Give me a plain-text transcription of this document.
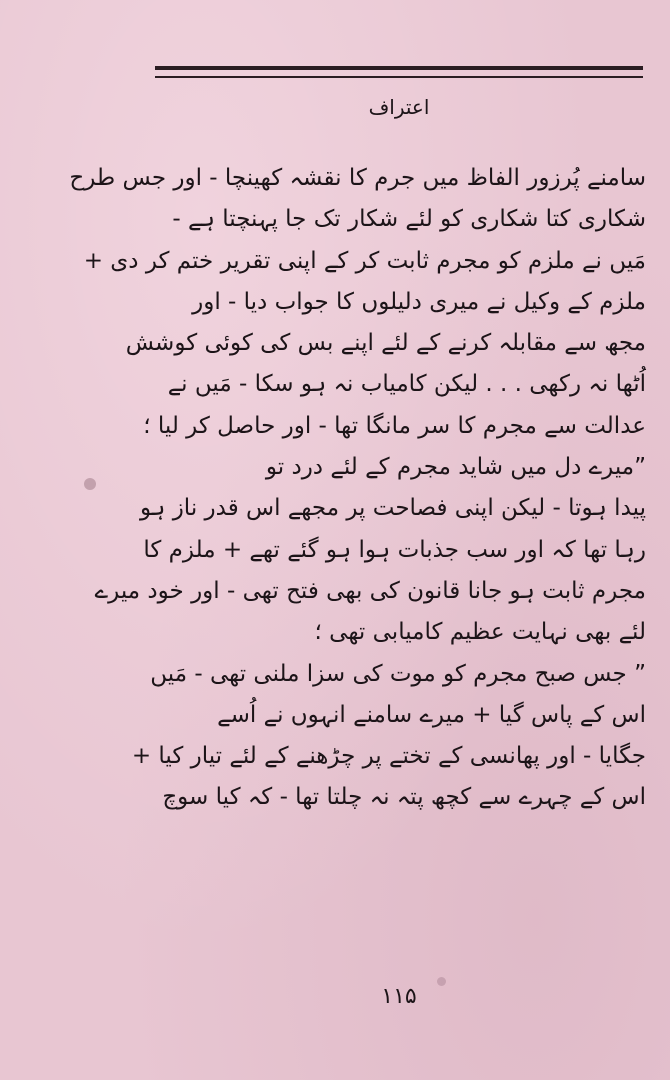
اعتراف
سامنے پُرزور الفاظ میں جرم کا نقشہ کھینچا - اور جس طرح
شکاری کتا شکاری کو لئے شکار تک جا پہنچتا ہے -
مَیں نے ملزم کو مجرم ثابت کر کے اپنی تقریر ختم کر دی +
ملزم کے وکیل نے میری دلیلوں کا جواب دیا - اور
مجھ سے مقابلہ کرنے کے لئے اپنے بس کی کوئی کوشش
اُٹھا نہ رکھی . . . لیکن کامیاب نہ ہو سکا - مَیں نے
عدالت سے مجرم کا سر مانگا تھا - اور حاصل کر لیا ؛
”میرے دل میں شاید مجرم کے لئے درد تو
پیدا ہوتا - لیکن اپنی فصاحت پر مجھے اس قدر ناز ہو
رہا تھا کہ اور سب جذبات ہوا ہو گئے تھے + ملزم کا
مجرم ثابت ہو جانا قانون کی بھی فتح تھی - اور خود میرے
لئے بھی نہایت عظیم کامیابی تھی ؛
” جس صبح مجرم کو موت کی سزا ملنی تھی - مَیں
اس کے پاس گیا + میرے سامنے انہوں نے اُسے
جگایا - اور پھانسی کے تختے پر چڑھنے کے لئے تیار کیا +
اس کے چہرے سے کچھ پتہ نہ چلتا تھا - کہ کیا سوچ
۱۱۵
